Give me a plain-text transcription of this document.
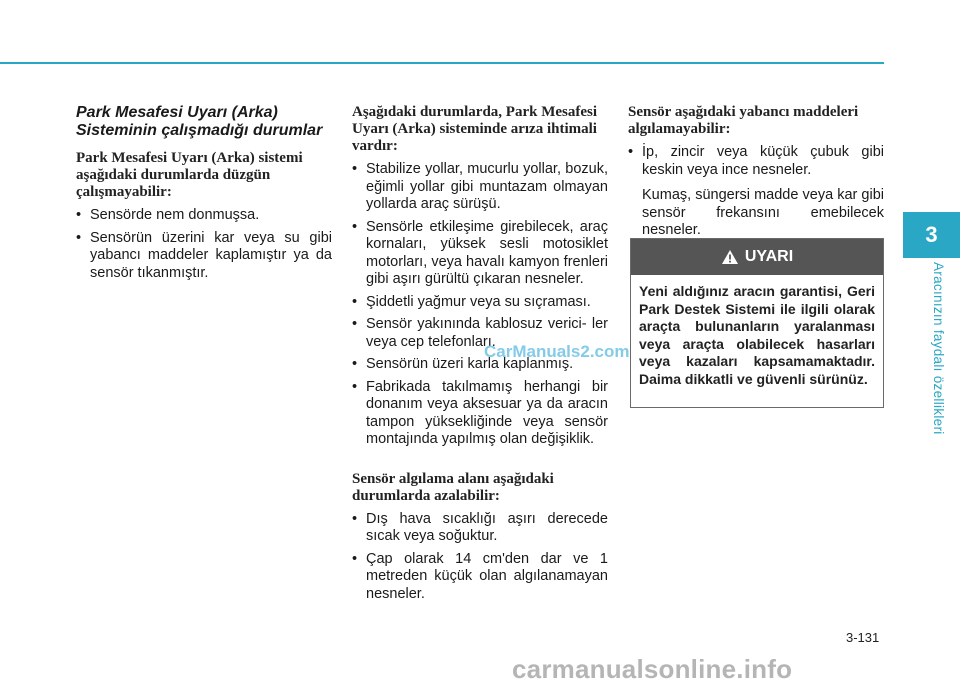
3
Aracınızın faydalı özellikleri
Park Mesafesi Uyarı (Arka) Sisteminin çalışmadığı durumlar
Park Mesafesi Uyarı (Arka) sistemi aşağıdaki durumlarda düzgün çalışmayabilir:
• Sensörde nem donmuşsa.
• Sensörün üzerini kar veya su gibi yabancı maddeler kaplamıştır ya da sensör tıkanmıştır.
Aşağıdaki durumlarda, Park Mesafesi Uyarı (Arka) sisteminde arıza ihtimali vardır:
• Stabilize yollar, mucurlu yollar, bozuk, eğimli yollar gibi muntazam olmayan yollarda araç sürüşü.
• Sensörle etkileşime girebilecek, araç kornaları, yüksek sesli motosiklet motorları, veya havalı kamyon frenleri gibi aşırı gürültü çıkaran nesneler.
• Şiddetli yağmur veya su sıçraması.
• Sensör yakınında kablosuz verici- ler veya cep telefonları.
• Sensörün üzeri karla kaplanmış.
• Fabrikada takılmamış herhangi bir donanım veya aksesuar ya da aracın tampon yüksekliğinde veya sensör montajında yapılmış olan değişiklik.
Sensör algılama alanı aşağıdaki durumlarda azalabilir:
• Dış hava sıcaklığı aşırı derecede sıcak veya soğuktur.
• Çap olarak 14 cm'den dar ve 1 metreden küçük olan algılanamayan nesneler.
Sensör aşağıdaki yabancı maddeleri algılamayabilir:
• İp, zincir veya küçük çubuk gibi keskin veya ince nesneler.

Kumaş, süngersi madde veya kar gibi sensör frekansını emebilecek nesneler.

UYARI
Yeni aldığınız aracın garantisi, Geri Park Destek Sistemi ile ilgili olarak araçta bulunanların yaralanması veya araçta olabilecek hasarları veya kazaları kapsamamaktadır. Daima dikkatli ve güvenli sürünüz.
CarManuals2.com
3-131
carmanualsonline.info
